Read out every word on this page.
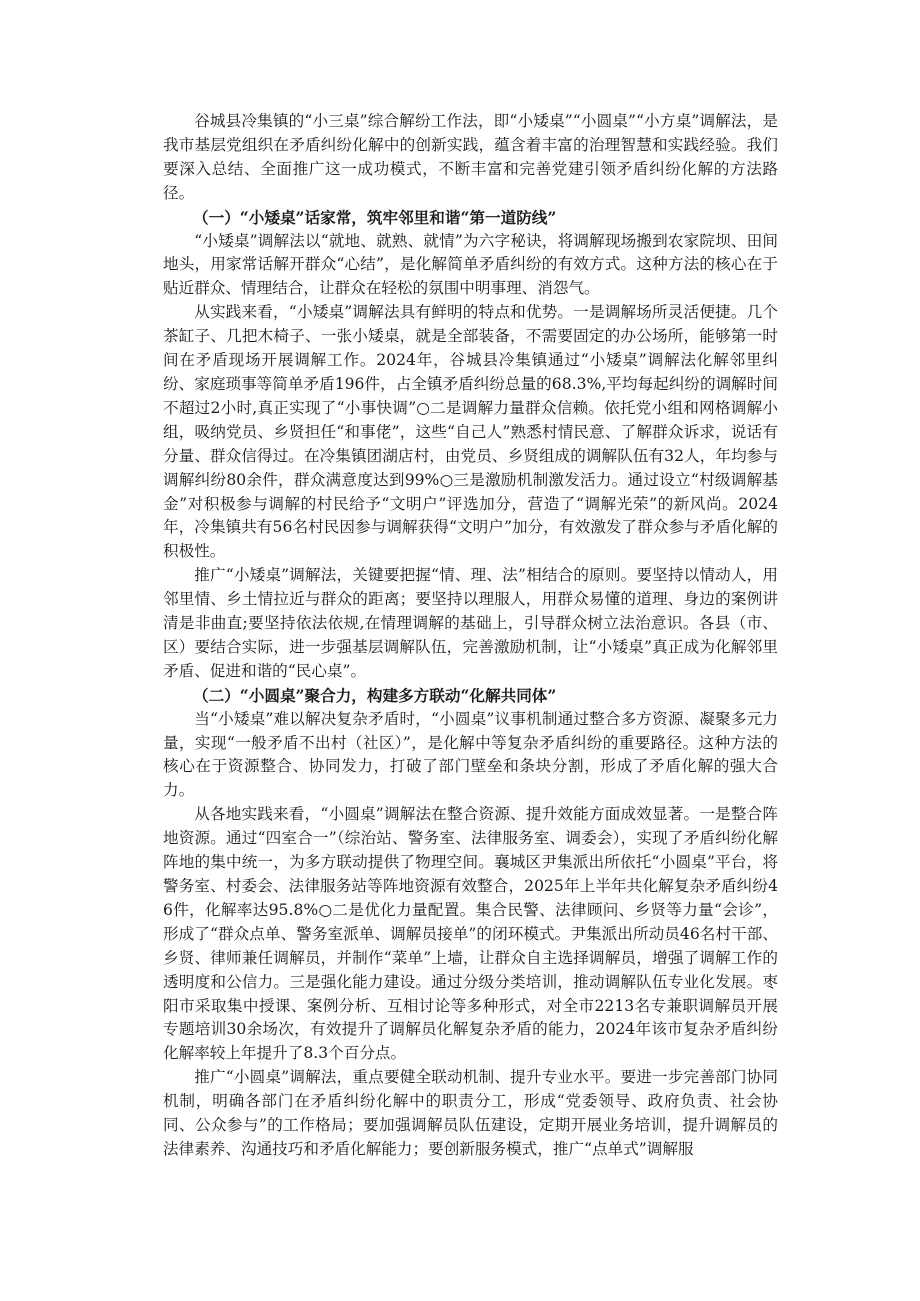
谷城县冷集镇的“小三桌”综合解纷工作法，即“小矮桌”“小圆桌”“小方桌”调解法，是我市基层党组织在矛盾纠纷化解中的创新实践，蕴含着丰富的治理智慧和实践经验。我们要深入总结、全面推广这一成功模式，不断丰富和完善党建引领矛盾纠纷化解的方法路径。

（一）“小矮桌”话家常，筑牢邻里和谐“第一道防线”

“小矮桌”调解法以“就地、就熟、就情”为六字秘诀，将调解现场搬到农家院坝、田间地头，用家常话解开群众“心结”，是化解简单矛盾纠纷的有效方式。这种方法的核心在于贴近群众、情理结合，让群众在轻松的氛围中明事理、消怨气。

从实践来看，“小矮桌”调解法具有鲜明的特点和优势。一是调解场所灵活便捷。几个茶缸子、几把木椅子、一张小矮桌，就是全部装备，不需要固定的办公场所，能够第一时间在矛盾现场开展调解工作。2024年，谷城县冷集镇通过“小矮桌”调解法化解邻里纠纷、家庭琐事等简单矛盾196件，占全镇矛盾纠纷总量的68.3%,平均每起纠纷的调解时间不超过2小时,真正实现了“小事快调”○二是调解力量群众信赖。依托党小组和网格调解小组，吸纳党员、乡贤担任“和事佬”，这些“自己人”熟悉村情民意、了解群众诉求，说话有分量、群众信得过。在冷集镇团湖店村，由党员、乡贤组成的调解队伍有32人，年均参与调解纠纷80余件，群众满意度达到99%○三是激励机制激发活力。通过设立“村级调解基金”对积极参与调解的村民给予“文明户”评选加分，营造了“调解光荣”的新风尚。2024年，冷集镇共有56名村民因参与调解获得“文明户”加分，有效激发了群众参与矛盾化解的积极性。

推广“小矮桌”调解法，关键要把握“情、理、法”相结合的原则。要坚持以情动人，用邻里情、乡土情拉近与群众的距离；要坚持以理服人，用群众易懂的道理、身边的案例讲清是非曲直;要坚持依法依规,在情理调解的基础上，引导群众树立法治意识。各县（市、区）要结合实际，进一步强基层调解队伍，完善激励机制，让“小矮桌”真正成为化解邻里矛盾、促进和谐的“民心桌”。

（二）“小圆桌”聚合力，构建多方联动“化解共同体”

当“小矮桌”难以解决复杂矛盾时，“小圆桌”议事机制通过整合多方资源、凝聚多元力量，实现“一般矛盾不出村（社区）”，是化解中等复杂矛盾纠纷的重要路径。这种方法的核心在于资源整合、协同发力，打破了部门壁垒和条块分割，形成了矛盾化解的强大合力。

从各地实践来看，“小圆桌”调解法在整合资源、提升效能方面成效显著。一是整合阵地资源。通过“四室合一”（综治站、警务室、法律服务室、调委会），实现了矛盾纠纷化解阵地的集中统一，为多方联动提供了物理空间。襄城区尹集派出所依托“小圆桌”平台，将警务室、村委会、法律服务站等阵地资源有效整合，2025年上半年共化解复杂矛盾纠纷46件，化解率达95.8%○二是优化力量配置。集合民警、法律顾问、乡贤等力量“会诊”，形成了“群众点单、警务室派单、调解员接单”的闭环模式。尹集派出所动员46名村干部、乡贤、律师兼任调解员，并制作“菜单”上墙，让群众自主选择调解员，增强了调解工作的透明度和公信力。三是强化能力建设。通过分级分类培训，推动调解队伍专业化发展。枣阳市采取集中授课、案例分析、互相讨论等多种形式，对全市2213名专兼职调解员开展专题培训30余场次，有效提升了调解员化解复杂矛盾的能力，2024年该市复杂矛盾纠纷化解率较上年提升了8.3个百分点。

推广“小圆桌”调解法，重点要健全联动机制、提升专业水平。要进一步完善部门协同机制，明确各部门在矛盾纠纷化解中的职责分工，形成“党委领导、政府负责、社会协同、公众参与”的工作格局；要加强调解员队伍建设，定期开展业务培训，提升调解员的法律素养、沟通技巧和矛盾化解能力；要创新服务模式，推广“点单式”调解服
